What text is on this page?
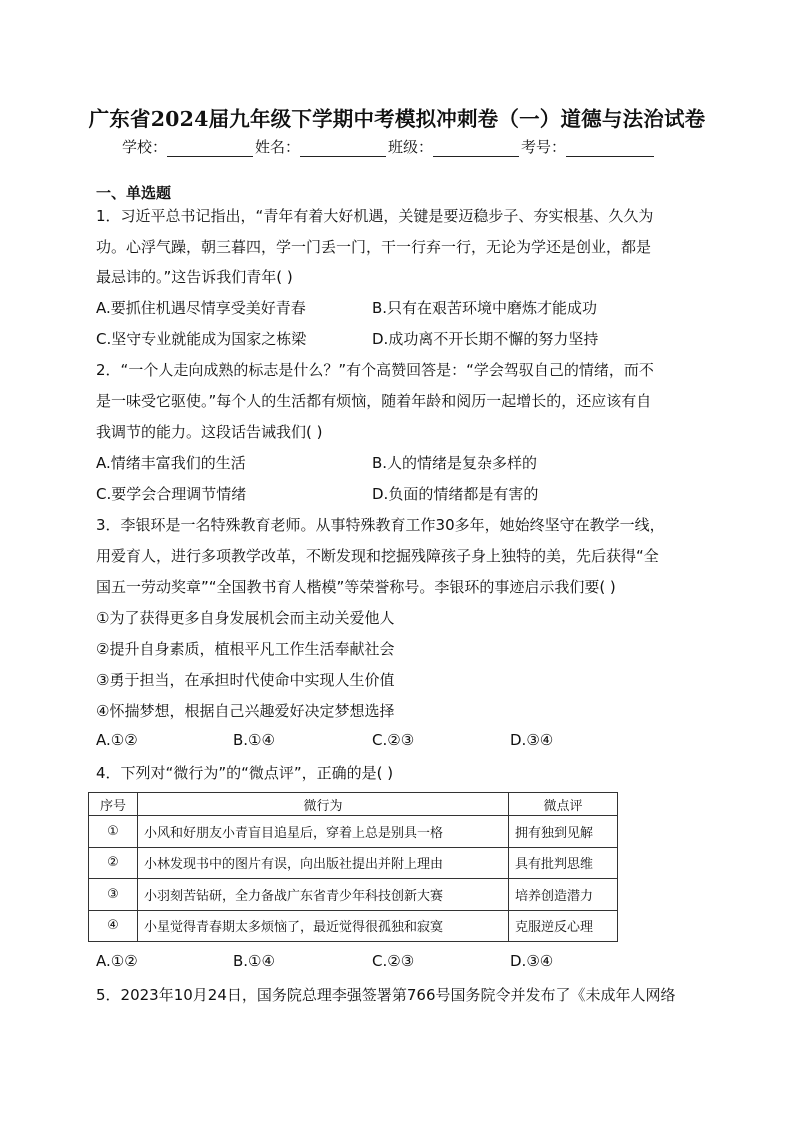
广东省2024届九年级下学期中考模拟冲刺卷（一）道德与法治试卷
学校：	姓名：	班级：	考号：
一、单选题
1．习近平总书记指出，“青年有着大好机遇，关键是要迈稳步子、夯实根基、久久为
功。心浮气躁，朝三暮四，学一门丢一门，干一行弃一行，无论为学还是创业，都是
最忌讳的。”这告诉我们青年( )
A.要抓住机遇尽情享受美好青春	B.只有在艰苦环境中磨炼才能成功
C.坚守专业就能成为国家之栋梁	D.成功离不开长期不懈的努力坚持
2．“一个人走向成熟的标志是什么？”有个高赞回答是：“学会驾驭自己的情绪，而不
是一味受它驱使。”每个人的生活都有烦恼，随着年龄和阅历一起增长的，还应该有自
我调节的能力。这段话告诫我们( )
A.情绪丰富我们的生活	B.人的情绪是复杂多样的
C.要学会合理调节情绪	D.负面的情绪都是有害的
3．李银环是一名特殊教育老师。从事特殊教育工作30多年，她始终坚守在教学一线，
用爱育人，进行多项教学改革，不断发现和挖掘残障孩子身上独特的美，先后获得“全
国五一劳动奖章”“全国教书育人楷模”等荣誉称号。李银环的事迹启示我们要( )
①为了获得更多自身发展机会而主动关爱他人
②提升自身素质，植根平凡工作生活奉献社会
③勇于担当，在承担时代使命中实现人生价值
④怀揣梦想，根据自己兴趣爱好决定梦想选择
A.①②	B.①④	C.②③	D.③④
4．下列对“微行为”的“微点评”，正确的是( )
序号	微行为	微点评
①	小风和好朋友小青盲目追星后，穿着上总是别具一格	拥有独到见解
②	小林发现书中的图片有误，向出版社提出并附上理由	具有批判思维
③	小羽刻苦钻研，全力备战广东省青少年科技创新大赛	培养创造潜力
④	小星觉得青春期太多烦恼了，最近觉得很孤独和寂寞	克服逆反心理
A.①②	B.①④	C.②③	D.③④
5．2023年10月24日，国务院总理李强签署第766号国务院令并发布了《未成年人网络
